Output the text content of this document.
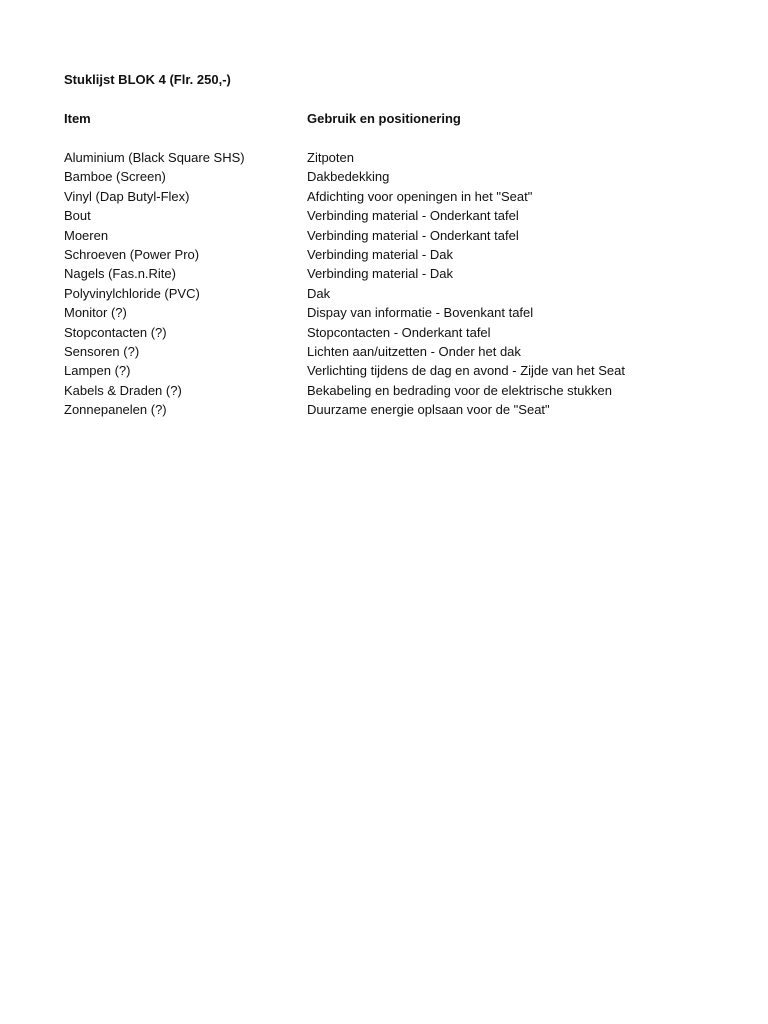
Stuklijst BLOK 4 (Flr. 250,-)
Item	Gebruik en positionering
Aluminium (Black Square SHS)	Zitpoten
Bamboe (Screen)	Dakbedekking
Vinyl (Dap Butyl-Flex)	Afdichting voor openingen in het "Seat"
Bout	Verbinding material - Onderkant tafel
Moeren	Verbinding material - Onderkant tafel
Schroeven (Power Pro)	Verbinding material - Dak
Nagels (Fas.n.Rite)	Verbinding material - Dak
Polyvinylchloride (PVC)	Dak
Monitor (?)	Dispay van informatie - Bovenkant tafel
Stopcontacten (?)	Stopcontacten - Onderkant tafel
Sensoren (?)	Lichten aan/uitzetten - Onder het dak
Lampen (?)	Verlichting tijdens de dag en avond - Zijde van het Seat
Kabels & Draden (?)	Bekabeling en bedrading voor de elektrische stukken
Zonnepanelen (?)	Duurzame energie oplsaan voor de "Seat"
